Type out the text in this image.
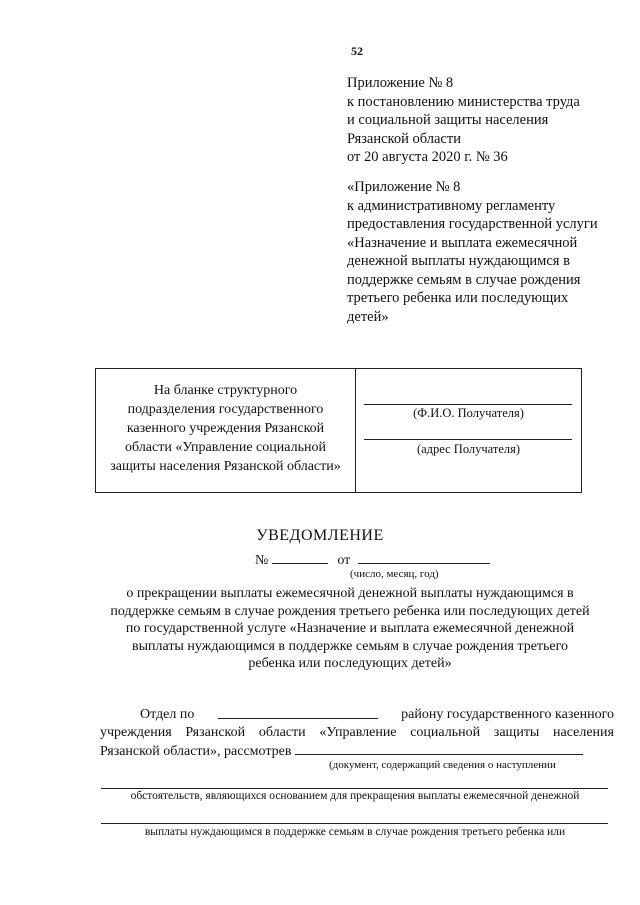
52
Приложение № 8
к постановлению министерства труда
и социальной защиты населения
Рязанской области
от 20 августа 2020 г. № 36
«Приложение № 8
к административному регламенту
предоставления государственной услуги
«Назначение и выплата ежемесячной
денежной выплаты нуждающимся в
поддержке семьям в случае рождения
третьего ребенка или последующих
детей»
На бланке структурного
подразделения государственного
казенного учреждения Рязанской
области «Управление социальной
защиты населения Рязанской области»
(Ф.И.О. Получателя)
(адрес Получателя)
УВЕДОМЛЕНИЕ
№	от
(число, месяц, год)
о прекращении выплаты ежемесячной денежной выплаты нуждающимся в
поддержке семьям в случае рождения третьего ребенка или последующих детей
по государственной услуге «Назначение и выплата ежемесячной денежной
выплаты нуждающимся в поддержке семьям в случае рождения третьего
ребенка или последующих детей»
Отдел по	району государственного казенного
учреждения Рязанской области «Управление социальной защиты населения
Рязанской области», рассмотрев
(документ, содержащий сведения о наступлении
обстоятельств, являющихся основанием для прекращения выплаты ежемесячной денежной
выплаты нуждающимся в поддержке семьям в случае рождения третьего ребенка или
